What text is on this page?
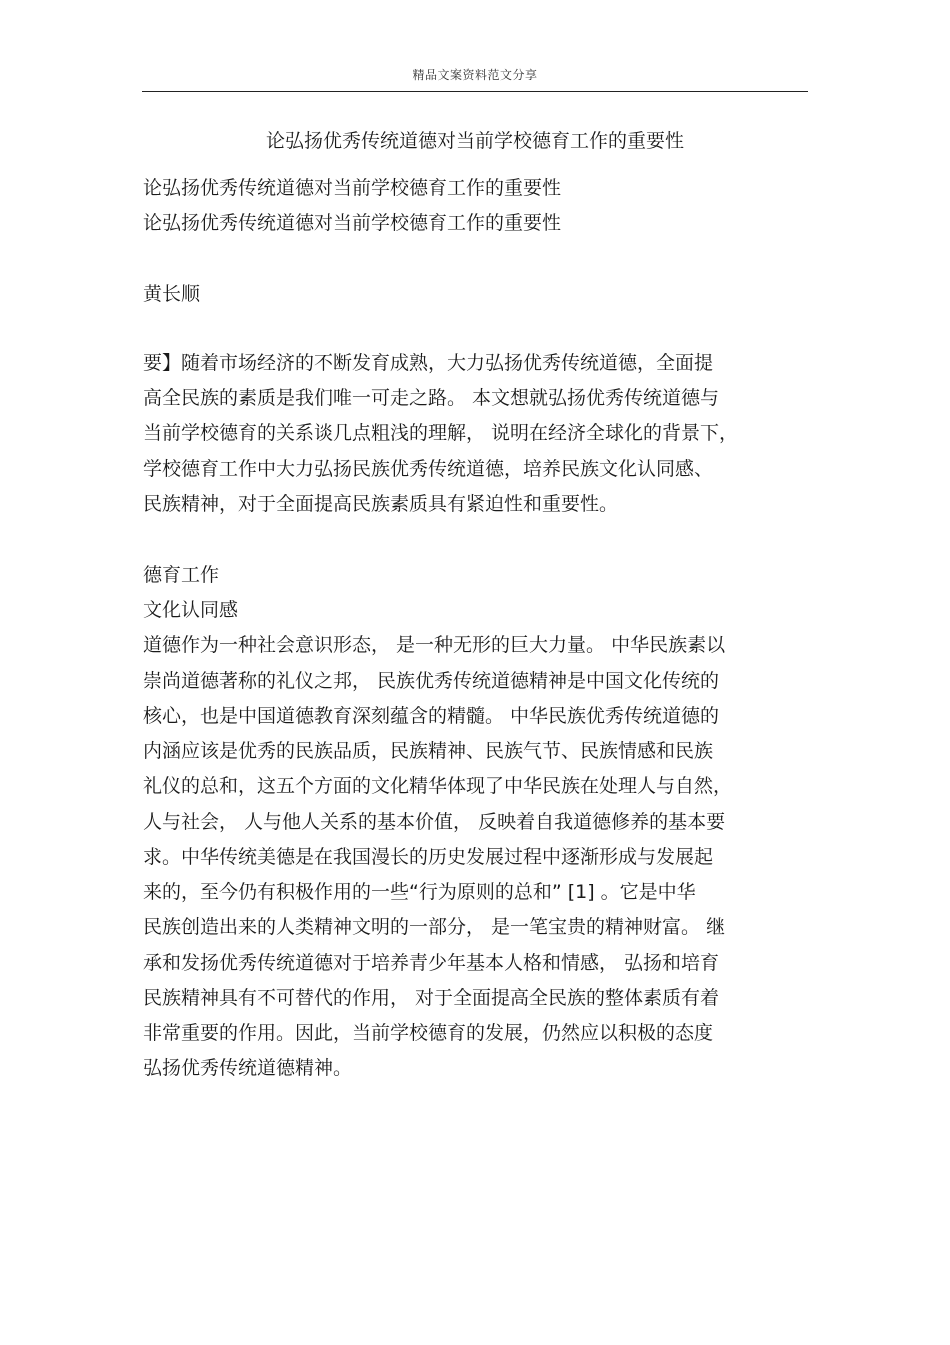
精品文案资料范文分享
论弘扬优秀传统道德对当前学校德育工作的重要性
论弘扬优秀传统道德对当前学校德育工作的重要性
论弘扬优秀传统道德对当前学校德育工作的重要性
黄长顺
要】随着市场经济的不断发育成熟，大力弘扬优秀传统道德，全面提
高全民族的素质是我们唯一可走之路。 本文想就弘扬优秀传统道德与
当前学校德育的关系谈几点粗浅的理解， 说明在经济全球化的背景下，
学校德育工作中大力弘扬民族优秀传统道德，培养民族文化认同感、
民族精神，对于全面提高民族素质具有紧迫性和重要性。
德育工作
文化认同感
道德作为一种社会意识形态， 是一种无形的巨大力量。 中华民族素以
崇尚道德著称的礼仪之邦， 民族优秀传统道德精神是中国文化传统的
核心，也是中国道德教育深刻蕴含的精髓。 中华民族优秀传统道德的
内涵应该是优秀的民族品质，民族精神、民族气节、民族情感和民族
礼仪的总和，这五个方面的文化精华体现了中华民族在处理人与自然，
人与社会， 人与他人关系的基本价值， 反映着自我道德修养的基本要
求。中华传统美德是在我国漫长的历史发展过程中逐渐形成与发展起
来的，至今仍有积极作用的一些“行为原则的总和” [1] 。它是中华
民族创造出来的人类精神文明的一部分， 是一笔宝贵的精神财富。 继
承和发扬优秀传统道德对于培养青少年基本人格和情感， 弘扬和培育
民族精神具有不可替代的作用， 对于全面提高全民族的整体素质有着
非常重要的作用。因此，当前学校德育的发展，仍然应以积极的态度
弘扬优秀传统道德精神。
